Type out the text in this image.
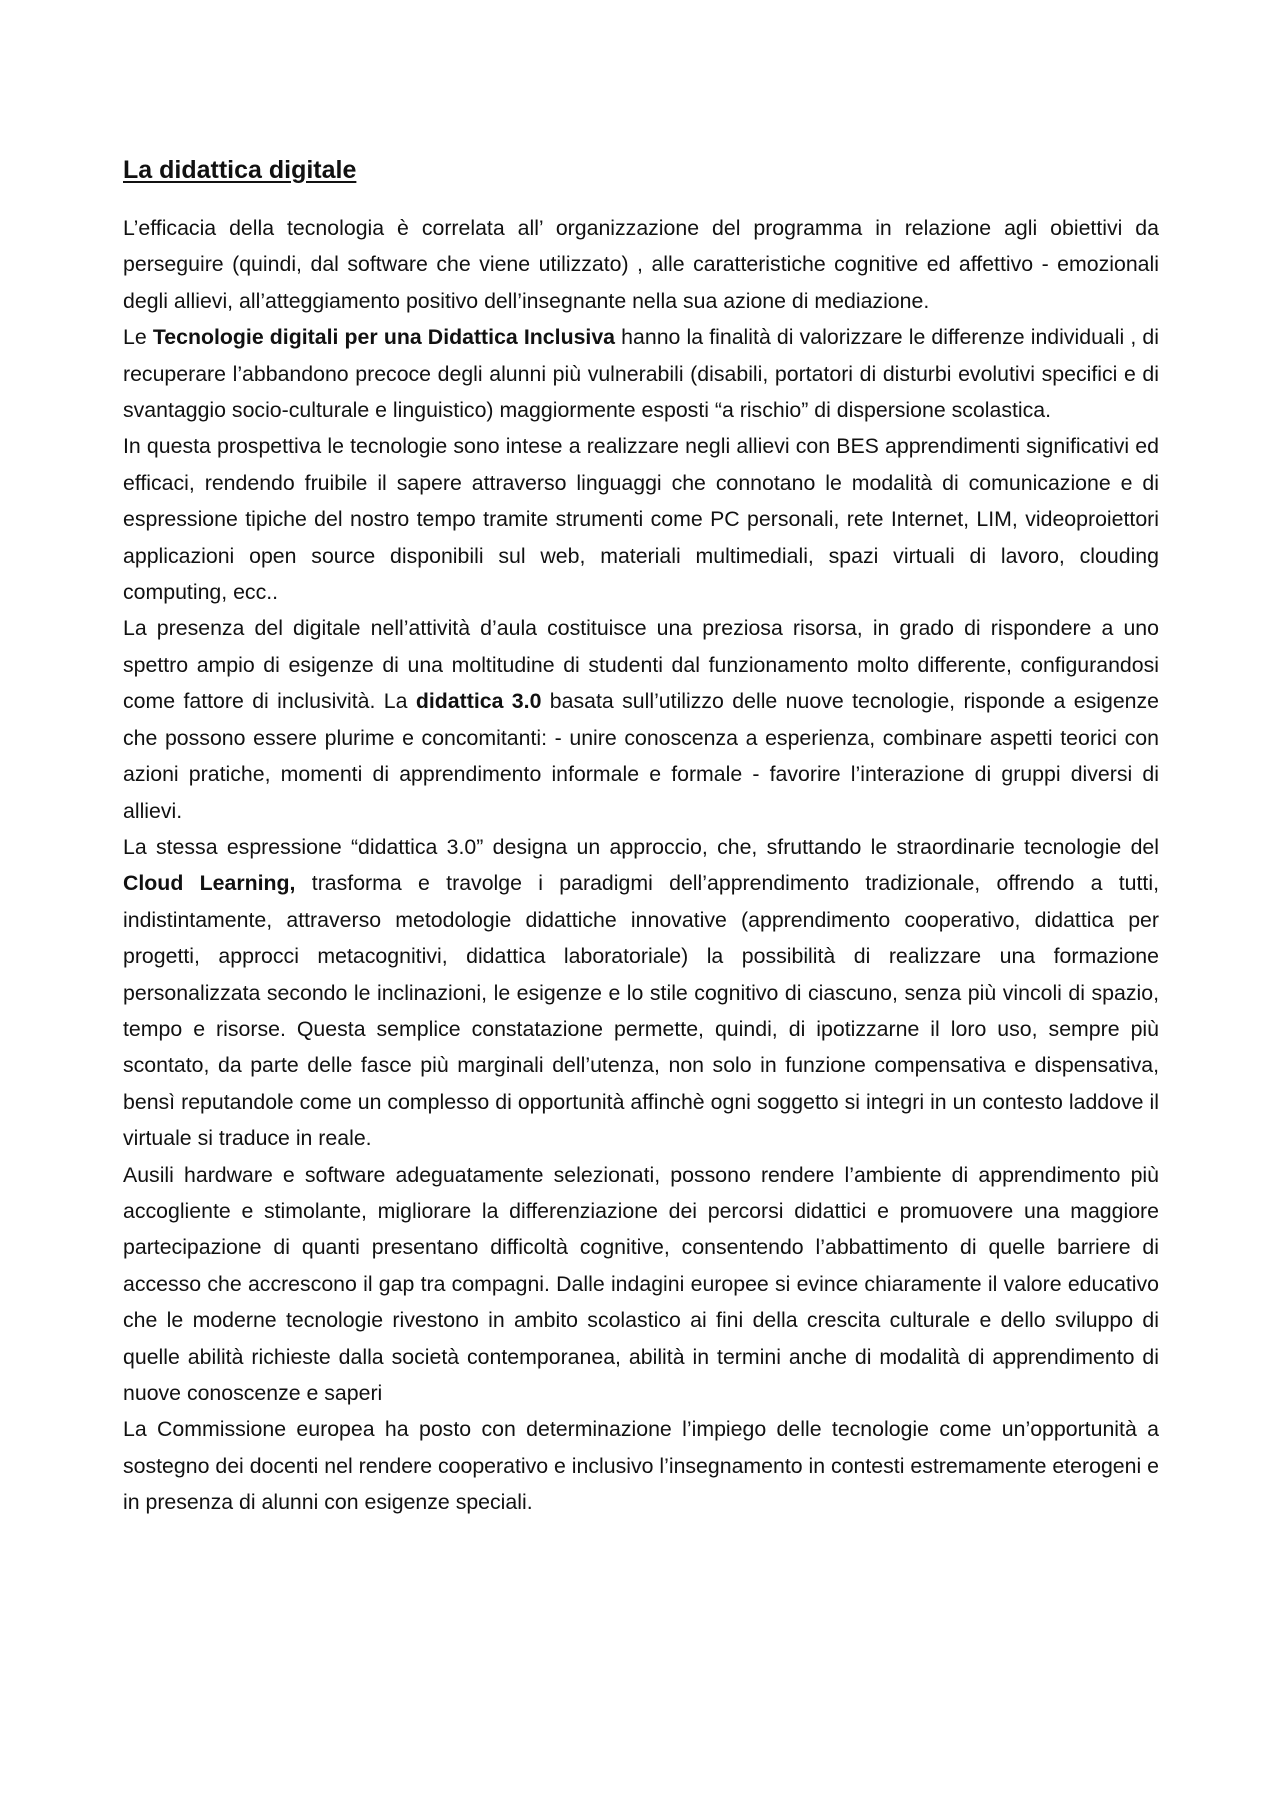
La didattica digitale

L’efficacia della tecnologia è correlata all’ organizzazione del programma in relazione agli obiettivi da perseguire (quindi, dal software che viene utilizzato) , alle caratteristiche cognitive ed affettivo - emozionali degli allievi, all’atteggiamento positivo dell’insegnante nella sua azione di mediazione.

Le Tecnologie digitali per una Didattica Inclusiva hanno la finalità di valorizzare le differenze individuali , di recuperare l’abbandono precoce degli alunni più vulnerabili (disabili, portatori di disturbi evolutivi specifici e di svantaggio socio-culturale e linguistico) maggiormente esposti “a rischio” di dispersione scolastica.

In questa prospettiva le tecnologie sono intese a realizzare negli allievi con BES apprendimenti significativi ed efficaci, rendendo fruibile il sapere attraverso linguaggi che connotano le modalità di comunicazione e di espressione tipiche del nostro tempo tramite strumenti come PC personali, rete Internet, LIM, videoproiettori applicazioni open source disponibili sul web, materiali multimediali, spazi virtuali di lavoro, clouding computing, ecc..

La presenza del digitale nell’attività d’aula costituisce una preziosa risorsa, in grado di rispondere a uno spettro ampio di esigenze di una moltitudine di studenti dal funzionamento molto differente, configurandosi come fattore di inclusività. La didattica 3.0 basata sull’utilizzo delle nuove tecnologie, risponde a esigenze che possono essere plurime e concomitanti: - unire conoscenza a esperienza, combinare aspetti teorici con azioni pratiche, momenti di apprendimento informale e formale - favorire l’interazione di gruppi diversi di allievi.

La stessa espressione “didattica 3.0” designa un approccio, che, sfruttando le straordinarie tecnologie del Cloud Learning, trasforma e travolge i paradigmi dell’apprendimento tradizionale, offrendo a tutti, indistintamente, attraverso metodologie didattiche innovative (apprendimento cooperativo, didattica per progetti, approcci metacognitivi, didattica laboratoriale) la possibilità di realizzare una formazione personalizzata secondo le inclinazioni, le esigenze e lo stile cognitivo di ciascuno, senza più vincoli di spazio, tempo e risorse. Questa semplice constatazione permette, quindi, di ipotizzarne il loro uso, sempre più scontato, da parte delle fasce più marginali dell’utenza, non solo in funzione compensativa e dispensativa, bensì reputandole come un complesso di opportunità affinchè ogni soggetto si integri in un contesto laddove il virtuale si traduce in reale.

Ausili hardware e software adeguatamente selezionati, possono rendere l’ambiente di apprendimento più accogliente e stimolante, migliorare la differenziazione dei percorsi didattici e promuovere una maggiore partecipazione di quanti presentano difficoltà cognitive, consentendo l’abbattimento di quelle barriere di accesso che accrescono il gap tra compagni. Dalle indagini europee si evince chiaramente il valore educativo che le moderne tecnologie rivestono in ambito scolastico ai fini della crescita culturale e dello sviluppo di quelle abilità richieste dalla società contemporanea, abilità in termini anche di modalità di apprendimento di nuove conoscenze e saperi

La Commissione europea ha posto con determinazione l’impiego delle tecnologie come un’opportunità a sostegno dei docenti nel rendere cooperativo e inclusivo l’insegnamento in contesti estremamente eterogeni e in presenza di alunni con esigenze speciali.
